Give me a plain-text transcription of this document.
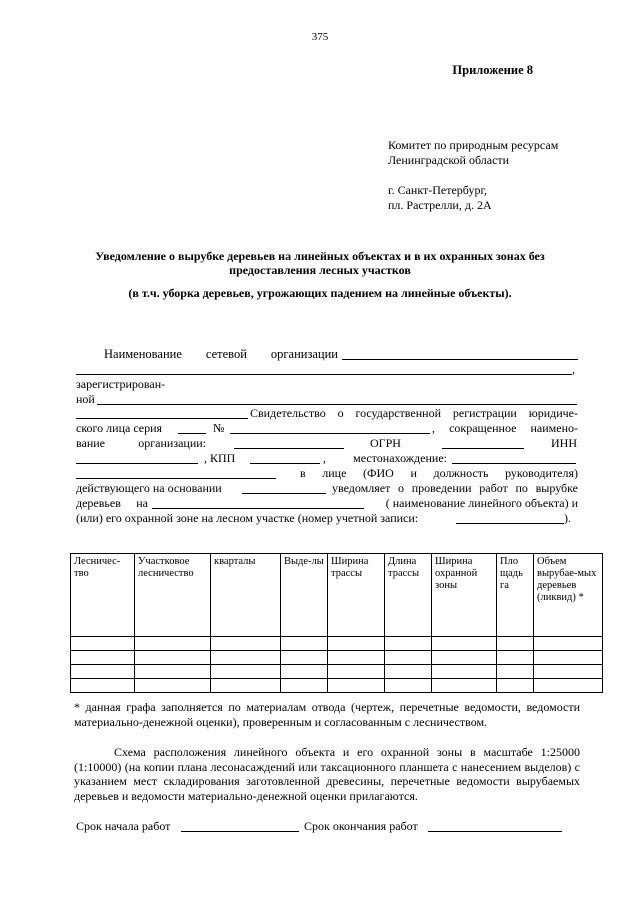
375
Приложение 8
Комитет по природным ресурсам
Ленинградской области
г. Санкт-Петербург,
пл. Растрелли, д. 2А
Уведомление о вырубке деревьев на линейных объектах и в их охранных зонах без
предоставления лесных участков
(в т.ч. уборка деревьев, угрожающих падением на линейные объекты).
Наименование сетевой организации
,
зарегистрирован-
ной
Свидетельство о государственной регистрации юридиче-
ского лица серия	№	, сокращенное наимено-
вание организации:	ОГРН	ИНН
, КПП	, местонахождение:
в лице (ФИО и должность руководителя)
действующего на основании	уведомляет о проведении работ по вырубке
деревьев на	( наименование линейного объекта) и
(или) его охранной зоне на лесном участке (номер учетной записи:	).
Лесничес-тво	Участковое лесничество	кварталы	Выде-лы	Ширина трассы	Длина трассы	Ширина охранной зоны	Пло щадь га	Объем вырубае-мых деревьев (ликвид) *

* данная графа заполняется по материалам отвода (чертеж, перечетные ведомости, ведомости материально-денежной оценки), проверенным и согласованным с лесничеством.
Схема расположения линейного объекта и его охранной зоны в масштабе 1:25000 (1:10000) (на копии плана лесонасаждений или таксационного планшета с нанесением выделов) с указанием мест складирования заготовленной древесины, перечетные ведомости вырубаемых деревьев и ведомости материально-денежной оценки прилагаются.
Срок начала работ	Срок окончания работ
